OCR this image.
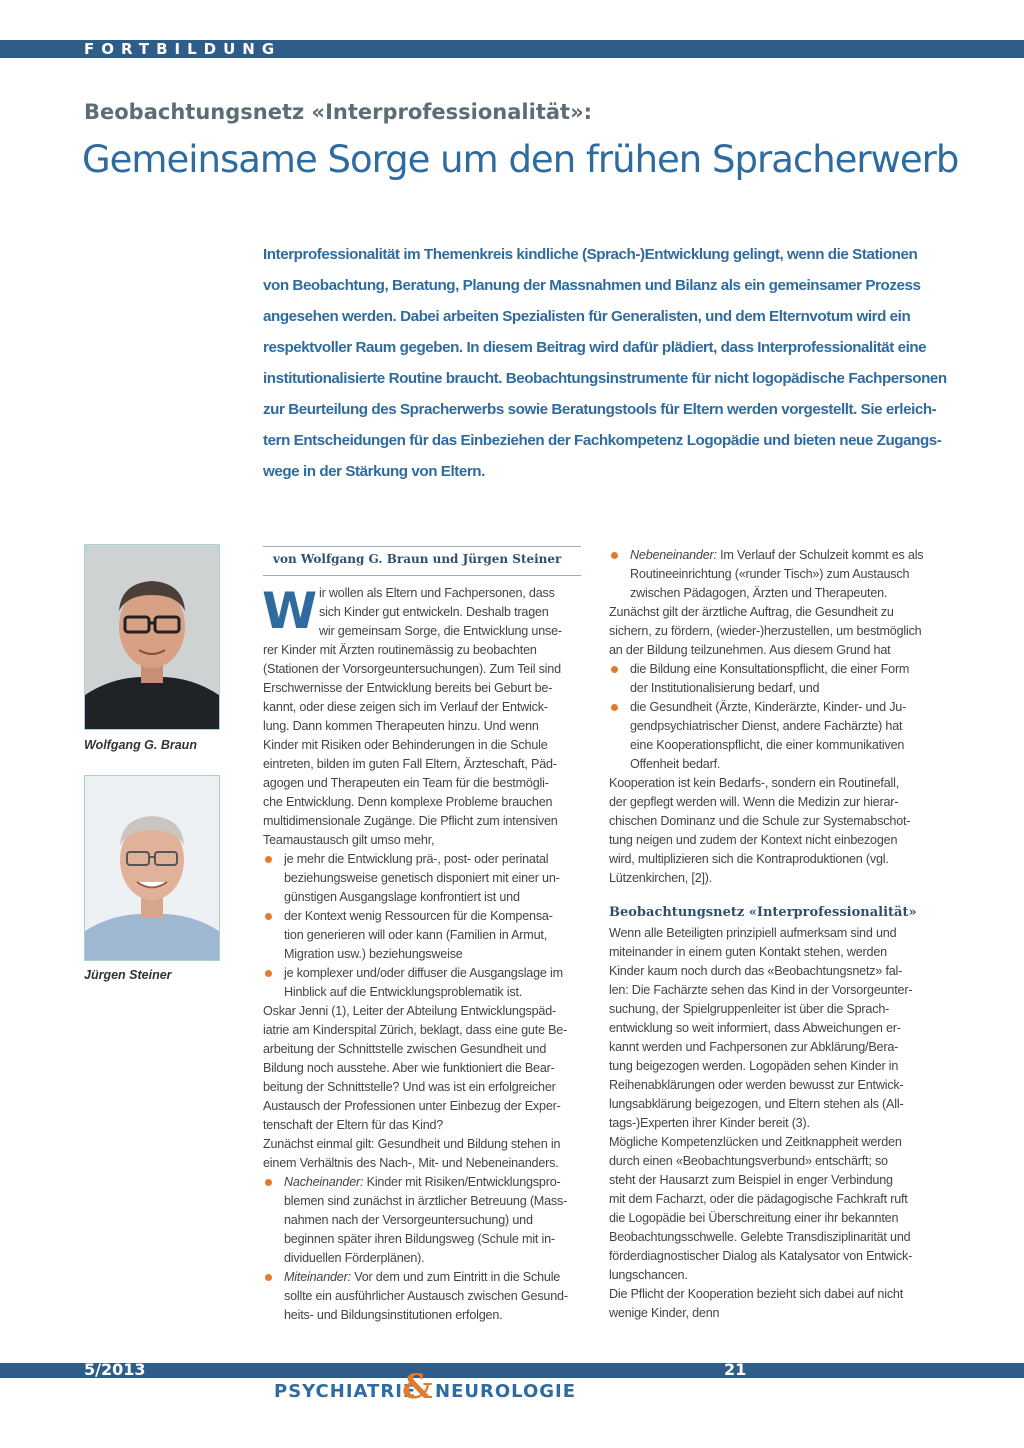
FORTBILDUNG
Beobachtungsnetz «Interprofessionalität»:
Gemeinsame Sorge um den frühen Spracherwerb
Interprofessionalität im Themenkreis kindliche (Sprach-)Entwicklung gelingt, wenn die Stationen
von Beobachtung, Beratung, Planung der Massnahmen und Bilanz als ein gemeinsamer Prozess
angesehen werden. Dabei arbeiten Spezialisten für Generalisten, und dem Elternvotum wird ein
respektvoller Raum gegeben. In diesem Beitrag wird dafür plädiert, dass Interprofessionalität eine
institutionalisierte Routine braucht. Beobachtungsinstrumente für nicht logopädische Fachpersonen
zur Beurteilung des Spracherwerbs sowie Beratungstools für Eltern werden vorgestellt. Sie erleich-
tern Entscheidungen für das Einbeziehen der Fachkompetenz Logopädie und bieten neue Zugangs-
wege in der Stärkung von Eltern.
Wolfgang G. Braun
Jürgen Steiner
von Wolfgang G. Braun und Jürgen Steiner
W ir wollen als Eltern und Fachpersonen, dass
sich Kinder gut entwickeln. Deshalb tragen
wir gemeinsam Sorge, die Entwicklung unse-
rer Kinder mit Ärzten routinemässig zu beobachten
(Stationen der Vorsorgeuntersuchungen). Zum Teil sind
Erschwernisse der Entwicklung bereits bei Geburt be-
kannt, oder diese zeigen sich im Verlauf der Entwick-
lung. Dann kommen Therapeuten hinzu. Und wenn
Kinder mit Risiken oder Behinderungen in die Schule
eintreten, bilden im guten Fall Eltern, Ärzteschaft, Päd-
agogen und Therapeuten ein Team für die bestmögli-
che Entwicklung. Denn komplexe Probleme brauchen
multidimensionale Zugänge. Die Pflicht zum intensiven
Teamaustausch gilt umso mehr,
je mehr die Entwicklung prä-, post- oder perinatal
beziehungsweise genetisch disponiert mit einer un-
günstigen Ausgangslage konfrontiert ist und
der Kontext wenig Ressourcen für die Kompensa-
tion generieren will oder kann (Familien in Armut,
Migration usw.) beziehungsweise
je komplexer und/oder diffuser die Ausgangslage im
Hinblick auf die Entwicklungsproblematik ist.
Oskar Jenni (1), Leiter der Abteilung Entwicklungspäd-
iatrie am Kinderspital Zürich, beklagt, dass eine gute Be-
arbeitung der Schnittstelle zwischen Gesundheit und
Bildung noch ausstehe. Aber wie funktioniert die Bear-
beitung der Schnittstelle? Und was ist ein erfolgreicher
Austausch der Professionen unter Einbezug der Exper-
tenschaft der Eltern für das Kind?
Zunächst einmal gilt: Gesundheit und Bildung stehen in
einem Verhältnis des Nach-, Mit- und Nebeneinanders.
Nacheinander: Kinder mit Risiken/Entwicklungspro-
blemen sind zunächst in ärztlicher Betreuung (Mass-
nahmen nach der Versorgeuntersuchung) und
beginnen später ihren Bildungsweg (Schule mit in-
dividuellen Förderplänen).
Miteinander: Vor dem und zum Eintritt in die Schule
sollte ein ausführlicher Austausch zwischen Gesund-
heits- und Bildungsinstitutionen erfolgen.
Nebeneinander: Im Verlauf der Schulzeit kommt es als
Routineeinrichtung («runder Tisch») zum Austausch
zwischen Pädagogen, Ärzten und Therapeuten.
Zunächst gilt der ärztliche Auftrag, die Gesundheit zu
sichern, zu fördern, (wieder-)herzustellen, um bestmöglich
an der Bildung teilzunehmen. Aus diesem Grund hat
die Bildung eine Konsultationspflicht, die einer Form
der Institutionalisierung bedarf, und
die Gesundheit (Ärzte, Kinderärzte, Kinder- und Ju-
gendpsychiatrischer Dienst, andere Fachärzte) hat
eine Kooperationspflicht, die einer kommunikativen
Offenheit bedarf.
Kooperation ist kein Bedarfs-, sondern ein Routinefall,
der gepflegt werden will. Wenn die Medizin zur hierar-
chischen Dominanz und die Schule zur Systemabschot-
tung neigen und zudem der Kontext nicht einbezogen
wird, multiplizieren sich die Kontraproduktionen (vgl.
Lützenkirchen, [2]).
Beobachtungsnetz «Interprofessionalität»
Wenn alle Beteiligten prinzipiell aufmerksam sind und
miteinander in einem guten Kontakt stehen, werden
Kinder kaum noch durch das «Beobachtungsnetz» fal-
len: Die Fachärzte sehen das Kind in der Vorsorgeunter-
suchung, der Spielgruppenleiter ist über die Sprach-
entwicklung so weit informiert, dass Abweichungen er-
kannt werden und Fachpersonen zur Abklärung/Bera-
tung beigezogen werden. Logopäden sehen Kinder in
Reihenabklärungen oder werden bewusst zur Entwick-
lungsabklärung beigezogen, und Eltern stehen als (All-
tags-)Experten ihrer Kinder bereit (3).
Mögliche Kompetenzlücken und Zeitknappheit werden
durch einen «Beobachtungsverbund» entschärft; so
steht der Hausarzt zum Beispiel in enger Verbindung
mit dem Facharzt, oder die pädagogische Fachkraft ruft
die Logopädie bei Überschreitung einer ihr bekannten
Beobachtungsschwelle. Gelebte Transdisziplinarität und
förderdiagnostischer Dialog als Katalysator von Entwick-
lungschancen.
Die Pflicht der Kooperation bezieht sich dabei auf nicht
wenige Kinder, denn
5/2013	21
PSYCHIATRIE
& NEUROLOGIE
